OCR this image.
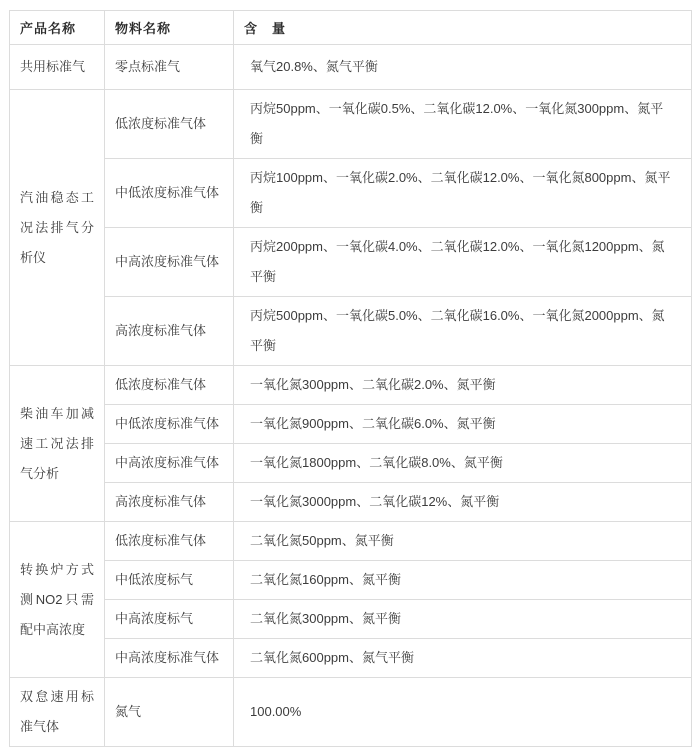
产品名称	物料名称	含　量
共用标准气	零点标准气	氧气20.8%、氮气平衡
汽油稳态工况法排气分析仪	低浓度标准气体	丙烷50ppm、一氧化碳0.5%、二氧化碳12.0%、一氧化氮300ppm、氮平衡
	中低浓度标准气体	丙烷100ppm、一氧化碳2.0%、二氧化碳12.0%、一氧化氮800ppm、氮平衡
	中高浓度标准气体	丙烷200ppm、一氧化碳4.0%、二氧化碳12.0%、一氧化氮1200ppm、氮平衡
	高浓度标准气体	丙烷500ppm、一氧化碳5.0%、二氧化碳16.0%、一氧化氮2000ppm、氮平衡
柴油车加减速工况法排气分析	低浓度标准气体	一氧化氮300ppm、二氧化碳2.0%、氮平衡
	中低浓度标准气体	一氧化氮900ppm、二氧化碳6.0%、氮平衡
	中高浓度标准气体	一氧化氮1800ppm、二氧化碳8.0%、氮平衡
	高浓度标准气体	一氧化氮3000ppm、二氧化碳12%、氮平衡
转换炉方式测NO2只需配中高浓度	低浓度标准气体	二氧化氮50ppm、氮平衡
	中低浓度标气	二氧化氮160ppm、氮平衡
	中高浓度标气	二氧化氮300ppm、氮平衡
	中高浓度标准气体	二氧化氮600ppm、氮气平衡
双怠速用标准气体	氮气	100.00%
